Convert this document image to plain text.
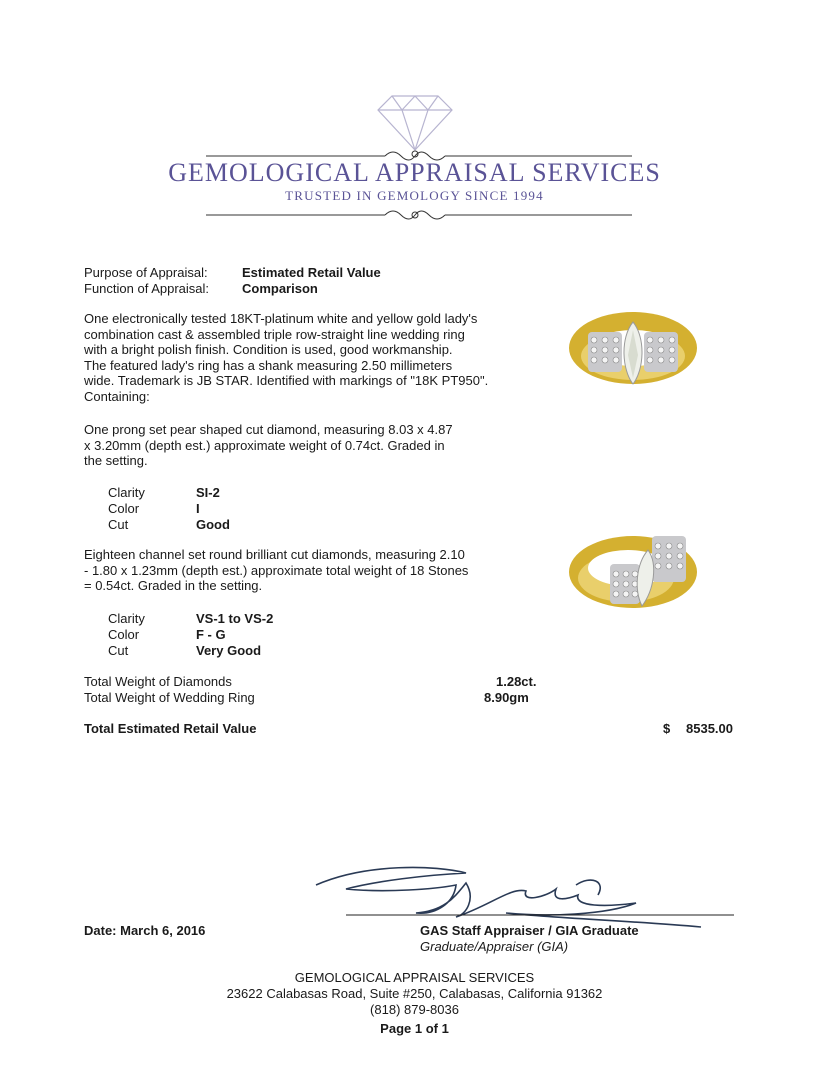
GEMOLOGICAL APPRAISAL SERVICES
TRUSTED IN GEMOLOGY SINCE 1994
Purpose of Appraisal:	Estimated Retail Value
Function of Appraisal:	Comparison
One electronically tested 18KT-platinum white and yellow gold lady's
combination cast & assembled triple row-straight line wedding ring
with a bright polish finish. Condition is used, good workmanship.
The featured lady's ring has a shank measuring 2.50 millimeters
wide. Trademark is JB STAR. Identified with markings of "18K PT950".
Containing:
One prong set pear shaped cut diamond, measuring 8.03 x 4.87
x 3.20mm (depth est.) approximate weight of 0.74ct. Graded in
the setting.
Clarity	SI-2
Color	I
Cut	Good
Eighteen channel set round brilliant cut diamonds, measuring 2.10
- 1.80 x 1.23mm (depth est.) approximate total weight of 18 Stones
= 0.54ct. Graded in the setting.
Clarity	VS-1 to VS-2
Color	F - G
Cut	Very Good
Total Weight of Diamonds	1.28ct.
Total Weight of Wedding Ring	8.90gm
Total Estimated Retail Value	$ 8535.00
Date: March 6, 2016	GAS Staff Appraiser / GIA Graduate
Graduate/Appraiser (GIA)
GEMOLOGICAL APPRAISAL SERVICES
23622 Calabasas Road, Suite #250, Calabasas, California 91362
(818) 879-8036
Page 1 of 1
